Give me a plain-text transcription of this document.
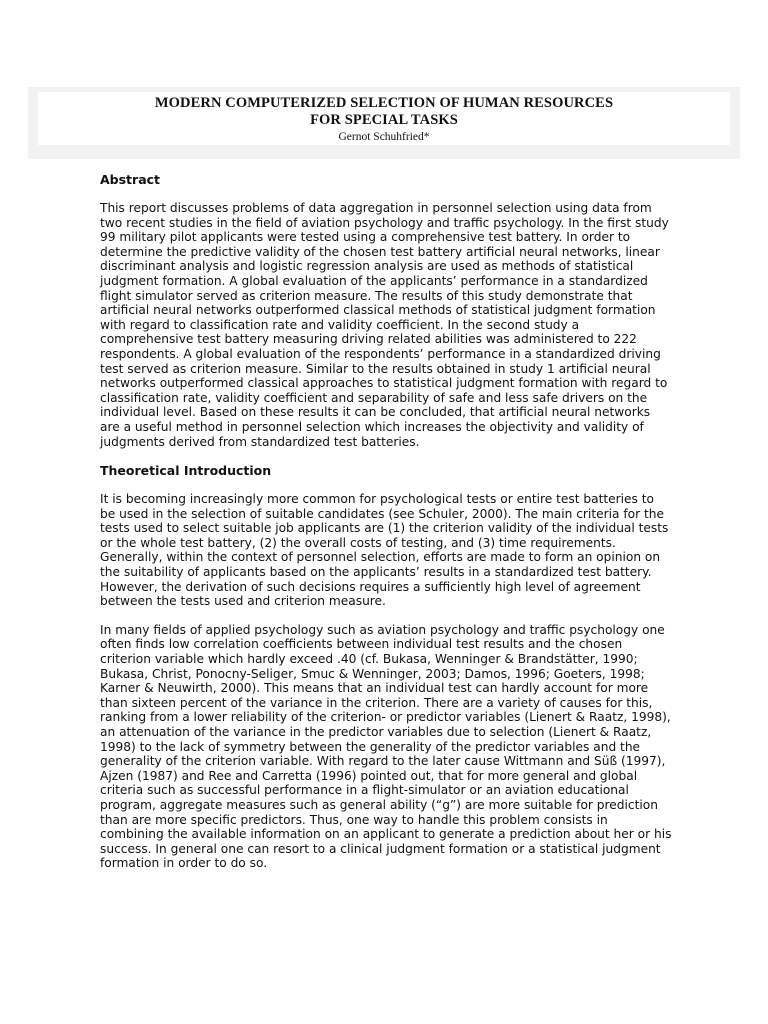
MODERN COMPUTERIZED SELECTION OF HUMAN RESOURCES
FOR SPECIAL TASKS
Gernot Schuhfried*

Abstract

This report discusses problems of data aggregation in personnel selection using data from two recent studies in the field of aviation psychology and traffic psychology. In the first study 99 military pilot applicants were tested using a comprehensive test battery. In order to determine the predictive validity of the chosen test battery artificial neural networks, linear discriminant analysis and logistic regression analysis are used as methods of statistical judgment formation. A global evaluation of the applicants’ performance in a standardized flight simulator served as criterion measure. The results of this study demonstrate that artificial neural networks outperformed classical methods of statistical judgment formation with regard to classification rate and validity coefficient. In the second study a comprehensive test battery measuring driving related abilities was administered to 222 respondents. A global evaluation of the respondents’ performance in a standardized driving test served as criterion measure. Similar to the results obtained in study 1 artificial neural networks outperformed classical approaches to statistical judgment formation with regard to classification rate, validity coefficient and separability of safe and less safe drivers on the individual level. Based on these results it can be concluded, that artificial neural networks are a useful method in personnel selection which increases the objectivity and validity of judgments derived from standardized test batteries.

Theoretical Introduction

It is becoming increasingly more common for psychological tests or entire test batteries to be used in the selection of suitable candidates (see Schuler, 2000). The main criteria for the tests used to select suitable job applicants are (1) the criterion validity of the individual tests or the whole test battery, (2) the overall costs of testing, and (3) time requirements. Generally, within the context of personnel selection, efforts are made to form an opinion on the suitability of applicants based on the applicants’ results in a standardized test battery. However, the derivation of such decisions requires a sufficiently high level of agreement between the tests used and criterion measure.

In many fields of applied psychology such as aviation psychology and traffic psychology one often finds low correlation coefficients between individual test results and the chosen criterion variable which hardly exceed .40 (cf. Bukasa, Wenninger & Brandstätter, 1990; Bukasa, Christ, Ponocny-Seliger, Smuc & Wenninger, 2003; Damos, 1996; Goeters, 1998; Karner & Neuwirth, 2000). This means that an individual test can hardly account for more than sixteen percent of the variance in the criterion. There are a variety of causes for this, ranking from a lower reliability of the criterion- or predictor variables (Lienert & Raatz, 1998), an attenuation of the variance in the predictor variables due to selection (Lienert & Raatz, 1998) to the lack of symmetry between the generality of the predictor variables and the generality of the criterion variable. With regard to the later cause Wittmann and Süß (1997), Ajzen (1987) and Ree and Carretta (1996) pointed out, that for more general and global criteria such as successful performance in a flight-simulator or an aviation educational program, aggregate measures such as general ability (“g”) are more suitable for prediction than are more specific predictors. Thus, one way to handle this problem consists in combining the available information on an applicant to generate a prediction about her or his success. In general one can resort to a clinical judgment formation or a statistical judgment formation in order to do so.
